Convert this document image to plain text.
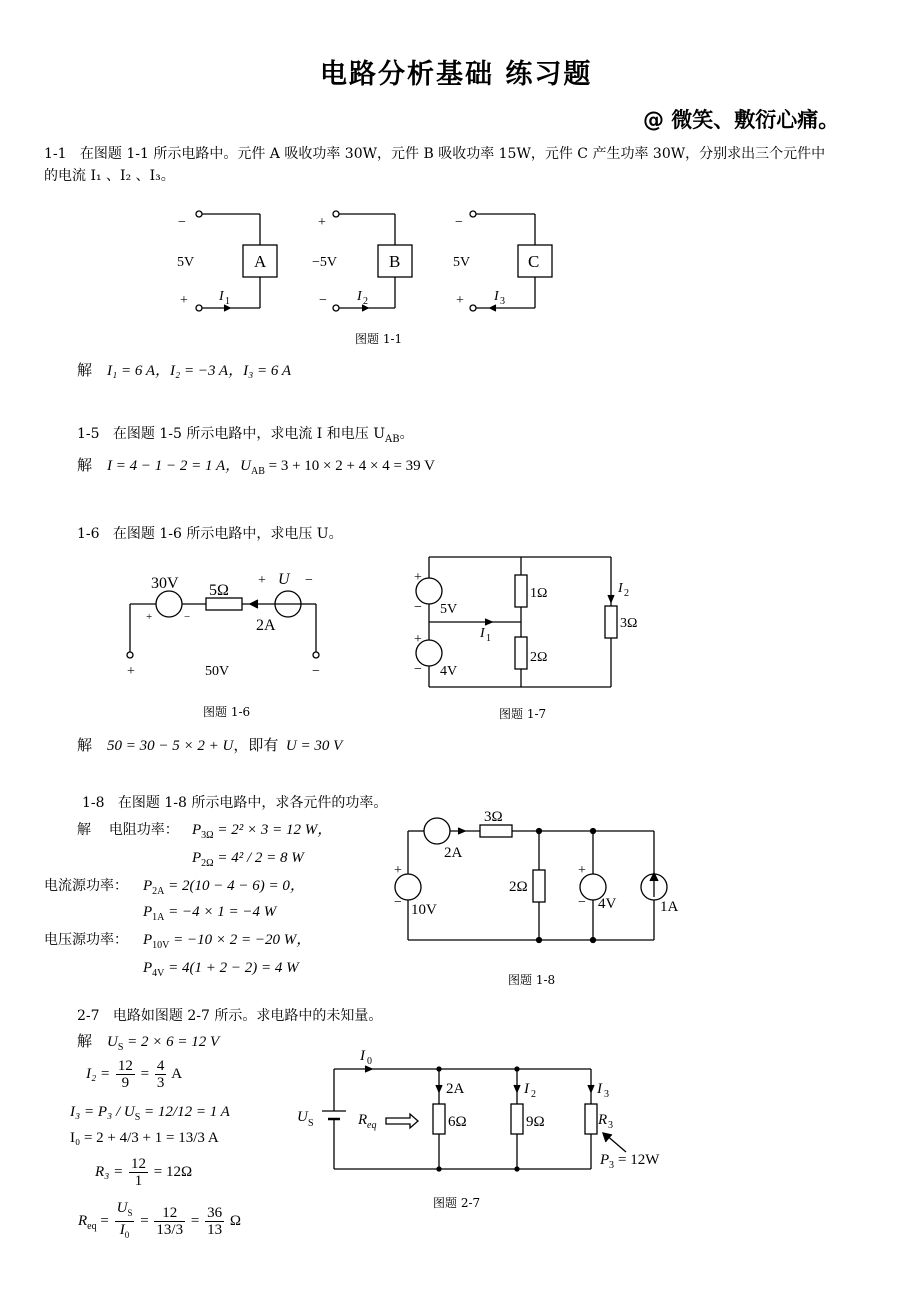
电路分析基础 练习题
@ 微笑、敷衍心痛。
1-1 在图题 1-1 所示电路中。元件 A 吸收功率 30W，元件 B 吸收功率 15W，元件 C 产生功率 30W，分别求出三个元件中
的电流 I₁ 、I₂ 、I₃。
A
−
5V
+ I 1
B
+
−5V
− I 2
C
−
5V
+ I 3
图题 1-1
解 I₁ = 6 A，I₂ = −3 A，I₃ = 6 A
1-5 在图题 1-5 所示电路中，求电流 I 和电压 $U_{AB}$。
解 I = 4 − 1 − 2 = 1 A，$U_{AB} = 3 + 10 \times 2 + 4 \times 4 = 39$ V
1-6 在图题 1-6 所示电路中，求电压 U。
30V 5Ω
2A
+	−
+ U −
+	50V	−
图题 1-6
+
− 5V
+
− 4V
1Ω
2Ω
3Ω
I 1
I 2
图题 1-7
解 50 = 30 − 5 × 2 + U，即有 U = 30 V
1-8 在图题 1-8 所示电路中，求各元件的功率。
解 电阻功率： $P_{3\Omega} = 2^2 \times 3 = 12$ W，
$P_{2\Omega} = 4^2 / 2 = 8$ W
电流源功率： $P_{2A} = 2(10 - 4 - 6) = 0$，
$P_{1A} = -4 \times 1 = -4$ W
电压源功率： $P_{10V} = -10 \times 2 = -20$ W，
$P_{4V} = 4(1 + 2 - 2) = 4$ W
2A
3Ω
2Ω
+
− 10V
+
− 4V	1A
图题 1-8
2-7 电路如图题 2-7 所示。求电路中的未知量。
解 $U_S = 2 \times 6 = 12$ V
$I_2 = \frac{12}{9} = \frac{4}{3}$ A
$I_3 = P_3 / U_S = 12/12 = 1$ A
I₀ = 2 + 4/3 + 1 = 13/3 A
$R_3 = \frac{12}{1} = 12\Omega$
$R_{eq} = \frac{U_S}{I_0} = \frac{12}{13/3} = \frac{36}{13}$ Ω
I 0
2A	I 2	I 3
U S	R eq	6Ω	9Ω	R 3
P 3 = 12W
图题 2-7
